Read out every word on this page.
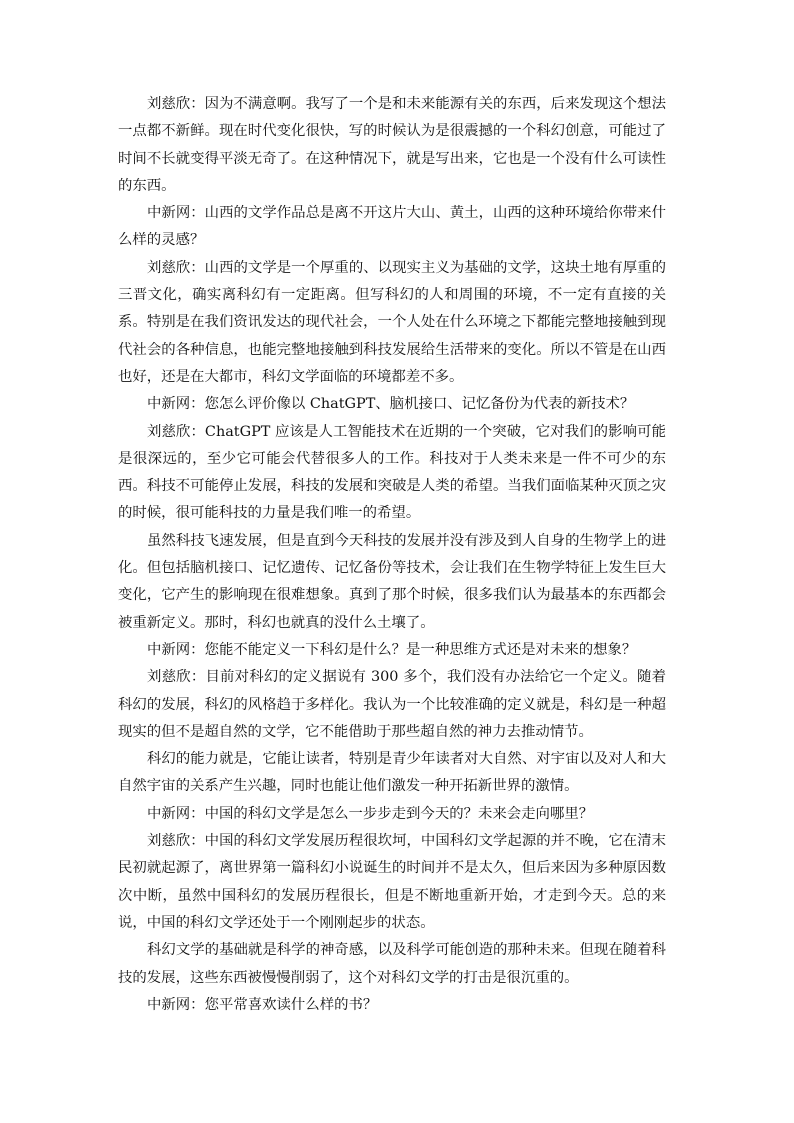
刘慈欣：因为不满意啊。我写了一个是和未来能源有关的东西，后来发现这个想法一点都不新鲜。现在时代变化很快，写的时候认为是很震撼的一个科幻创意，可能过了时间不长就变得平淡无奇了。在这种情况下，就是写出来，它也是一个没有什么可读性的东西。

中新网：山西的文学作品总是离不开这片大山、黄土，山西的这种环境给你带来什么样的灵感？

刘慈欣：山西的文学是一个厚重的、以现实主义为基础的文学，这块土地有厚重的三晋文化，确实离科幻有一定距离。但写科幻的人和周围的环境，不一定有直接的关系。特别是在我们资讯发达的现代社会，一个人处在什么环境之下都能完整地接触到现代社会的各种信息，也能完整地接触到科技发展给生活带来的变化。所以不管是在山西也好，还是在大都市，科幻文学面临的环境都差不多。

中新网：您怎么评价像以 ChatGPT、脑机接口、记忆备份为代表的新技术？

刘慈欣：ChatGPT 应该是人工智能技术在近期的一个突破，它对我们的影响可能是很深远的，至少它可能会代替很多人的工作。科技对于人类未来是一件不可少的东西。科技不可能停止发展，科技的发展和突破是人类的希望。当我们面临某种灭顶之灾的时候，很可能科技的力量是我们唯一的希望。

虽然科技飞速发展，但是直到今天科技的发展并没有涉及到人自身的生物学上的进化。但包括脑机接口、记忆遗传、记忆备份等技术，会让我们在生物学特征上发生巨大变化，它产生的影响现在很难想象。真到了那个时候，很多我们认为最基本的东西都会被重新定义。那时，科幻也就真的没什么土壤了。

中新网：您能不能定义一下科幻是什么？是一种思维方式还是对未来的想象？

刘慈欣：目前对科幻的定义据说有 300 多个，我们没有办法给它一个定义。随着科幻的发展，科幻的风格趋于多样化。我认为一个比较准确的定义就是，科幻是一种超现实的但不是超自然的文学，它不能借助于那些超自然的神力去推动情节。

科幻的能力就是，它能让读者，特别是青少年读者对大自然、对宇宙以及对人和大自然宇宙的关系产生兴趣，同时也能让他们激发一种开拓新世界的激情。

中新网：中国的科幻文学是怎么一步步走到今天的？未来会走向哪里？

刘慈欣：中国的科幻文学发展历程很坎坷，中国科幻文学起源的并不晚，它在清末民初就起源了，离世界第一篇科幻小说诞生的时间并不是太久，但后来因为多种原因数次中断，虽然中国科幻的发展历程很长，但是不断地重新开始，才走到今天。总的来说，中国的科幻文学还处于一个刚刚起步的状态。

科幻文学的基础就是科学的神奇感，以及科学可能创造的那种未来。但现在随着科技的发展，这些东西被慢慢削弱了，这个对科幻文学的打击是很沉重的。

中新网：您平常喜欢读什么样的书？
